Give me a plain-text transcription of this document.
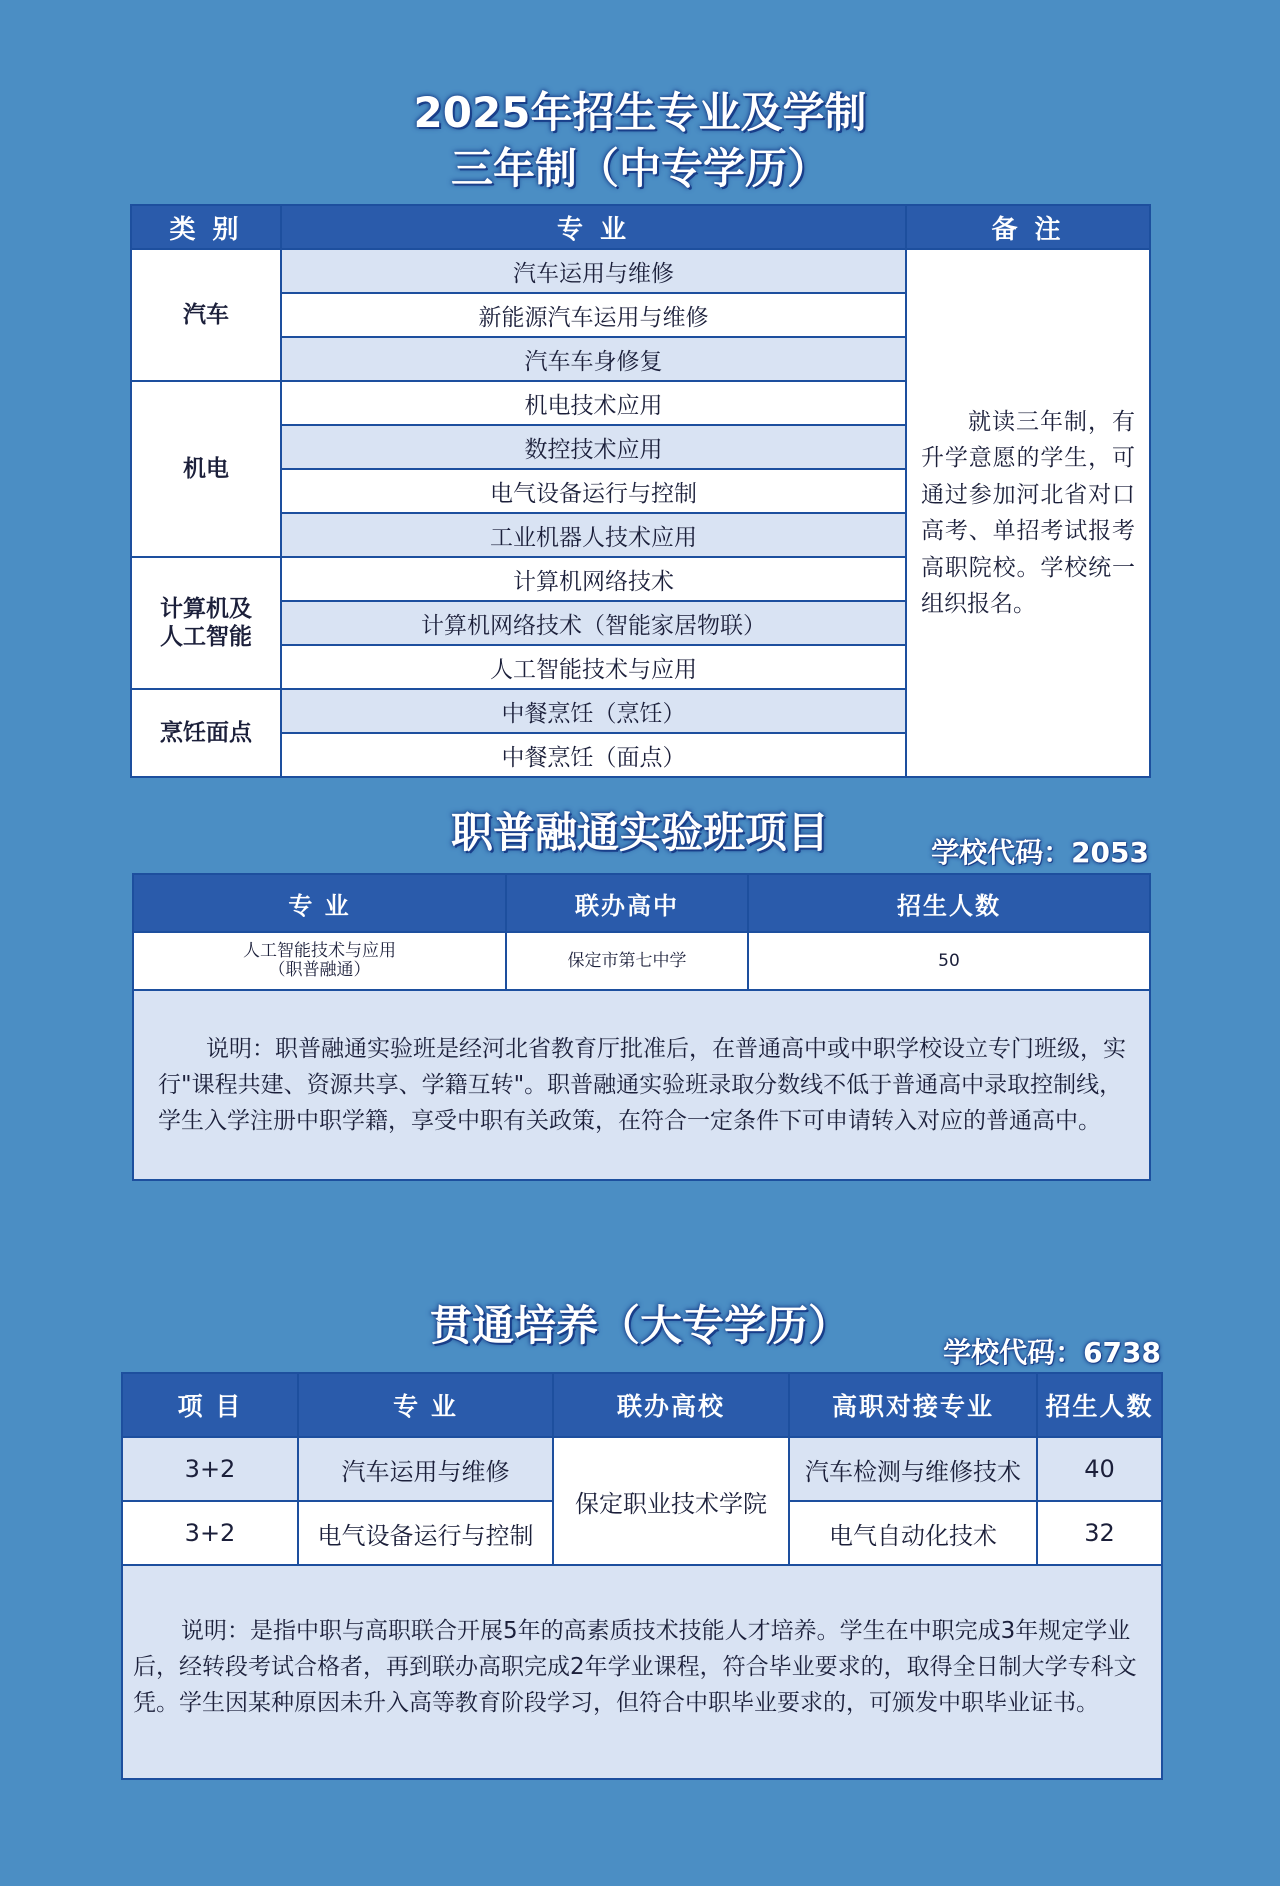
2025年招生专业及学制
三年制（中专学历）
类 别	专 业	备 注
汽车	汽车运用与维修	就读三年制，有升学意愿的学生，可通过参加河北省对口高考、单招考试报考高职院校。学校统一组织报名。
	新能源汽车运用与维修	
	汽车车身修复	
机电	机电技术应用	
	数控技术应用	
	电气设备运行与控制	
	工业机器人技术应用	
计算机及
人工智能	计算机网络技术	
	计算机网络技术（智能家居物联）	
	人工智能技术与应用	
烹饪面点	中餐烹饪（烹饪）	
	中餐烹饪（面点）	
职普融通实验班项目	学校代码：2053
专 业	联办高中	招生人数
人工智能技术与应用
（职普融通）	保定市第七中学	50
说明：职普融通实验班是经河北省教育厅批准后，在普通高中或中职学校设立专门班级，实行"课程共建、资源共享、学籍互转"。职普融通实验班录取分数线不低于普通高中录取控制线，学生入学注册中职学籍，享受中职有关政策，在符合一定条件下可申请转入对应的普通高中。		
贯通培养（大专学历）
学校代码：6738
项 目	专 业	联办高校	高职对接专业	招生人数
3+2	汽车运用与维修	保定职业技术学院	汽车检测与维修技术	40
3+2	电气设备运行与控制		电气自动化技术	32
说明：是指中职与高职联合开展5年的高素质技术技能人才培养。学生在中职完成3年规定学业后，经转段考试合格者，再到联办高职完成2年学业课程，符合毕业要求的，取得全日制大学专科文凭。学生因某种原因未升入高等教育阶段学习，但符合中职毕业要求的，可颁发中职毕业证书。				
